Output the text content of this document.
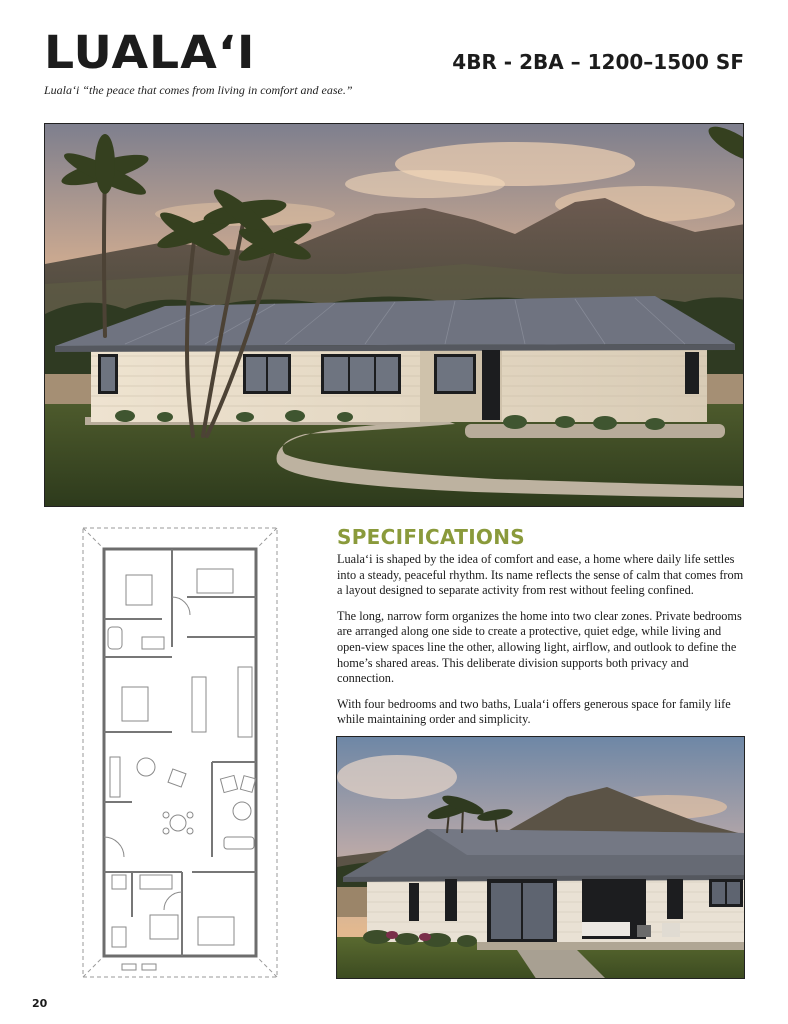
LUALA‘I	4BR - 2BA – 1200–1500 SF
Luala‘i “the peace that comes from living in comfort and ease.”
SPECIFICATIONS

Luala‘i is shaped by the idea of comfort and ease, a home where daily life settles into a steady, peaceful rhythm. Its name reflects the sense of calm that comes from a layout designed to separate activity from rest without feeling confined.

The long, narrow form organizes the home into two clear zones. Private bedrooms are arranged along one side to create a protective, quiet edge, while living and open-view spaces line the other, allowing light, airflow, and outlook to define the home’s shared areas. This deliberate division supports both privacy and connection.

With four bedrooms and two baths, Luala‘i offers generous space for family life while maintaining order and simplicity.

20
